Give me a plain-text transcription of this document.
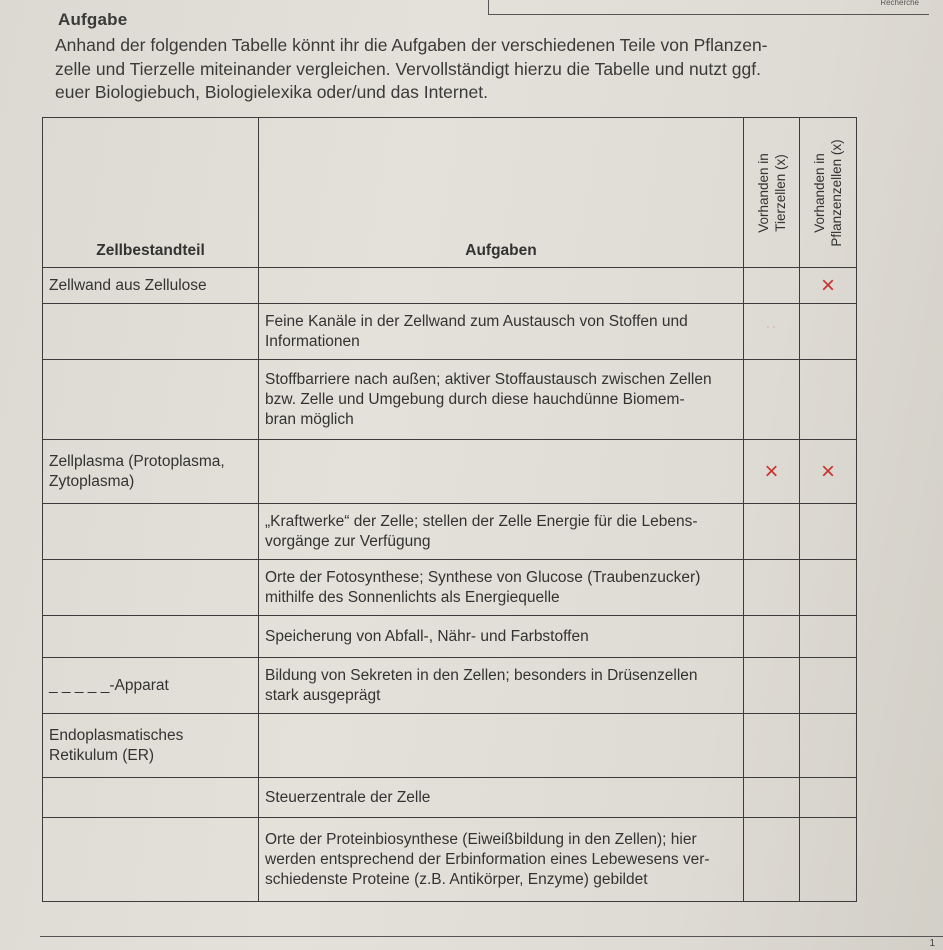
Recherche
Aufgabe
Anhand der folgenden Tabelle könnt ihr die Aufgaben der verschiedenen Teile von Pflanzen-
zelle und Tierzelle miteinander vergleichen. Vervollständigt hierzu die Tabelle und nutzt ggf.
euer Biologiebuch, Biologielexika oder/und das Internet.
Zellbestandteil	Aufgaben	Vorhanden in Tierzellen (x)	Vorhanden in Pflanzenzellen (x)

Zellwand aus Zellulose			×

	Feine Kanäle in der Zellwand zum Austausch von Stoffen und
Informationen	˙ ˙	

	Stoffbarriere nach außen; aktiver Stoffaustausch zwischen Zellen
bzw. Zelle und Umgebung durch diese hauchdünne Biomem-
bran möglich		

Zellplasma (Protoplasma,
Zytoplasma)		×	×

	„Kraftwerke“ der Zelle; stellen der Zelle Energie für die Lebens-
vorgänge zur Verfügung		

	Orte der Fotosynthese; Synthese von Glucose (Traubenzucker)
mithilfe des Sonnenlichts als Energiequelle		

	Speicherung von Abfall-, Nähr- und Farbstoffen		

_ _ _ _ _-Apparat	Bildung von Sekreten in den Zellen; besonders in Drüsenzellen
stark ausgeprägt		

Endoplasmatisches
Retikulum (ER)			

	Steuerzentrale der Zelle		

	Orte der Proteinbiosynthese (Eiweißbildung in den Zellen); hier
werden entsprechend der Erbinformation eines Lebewesens ver-
schiedenste Proteine (z.B. Antikörper, Enzyme) gebildet		

1
